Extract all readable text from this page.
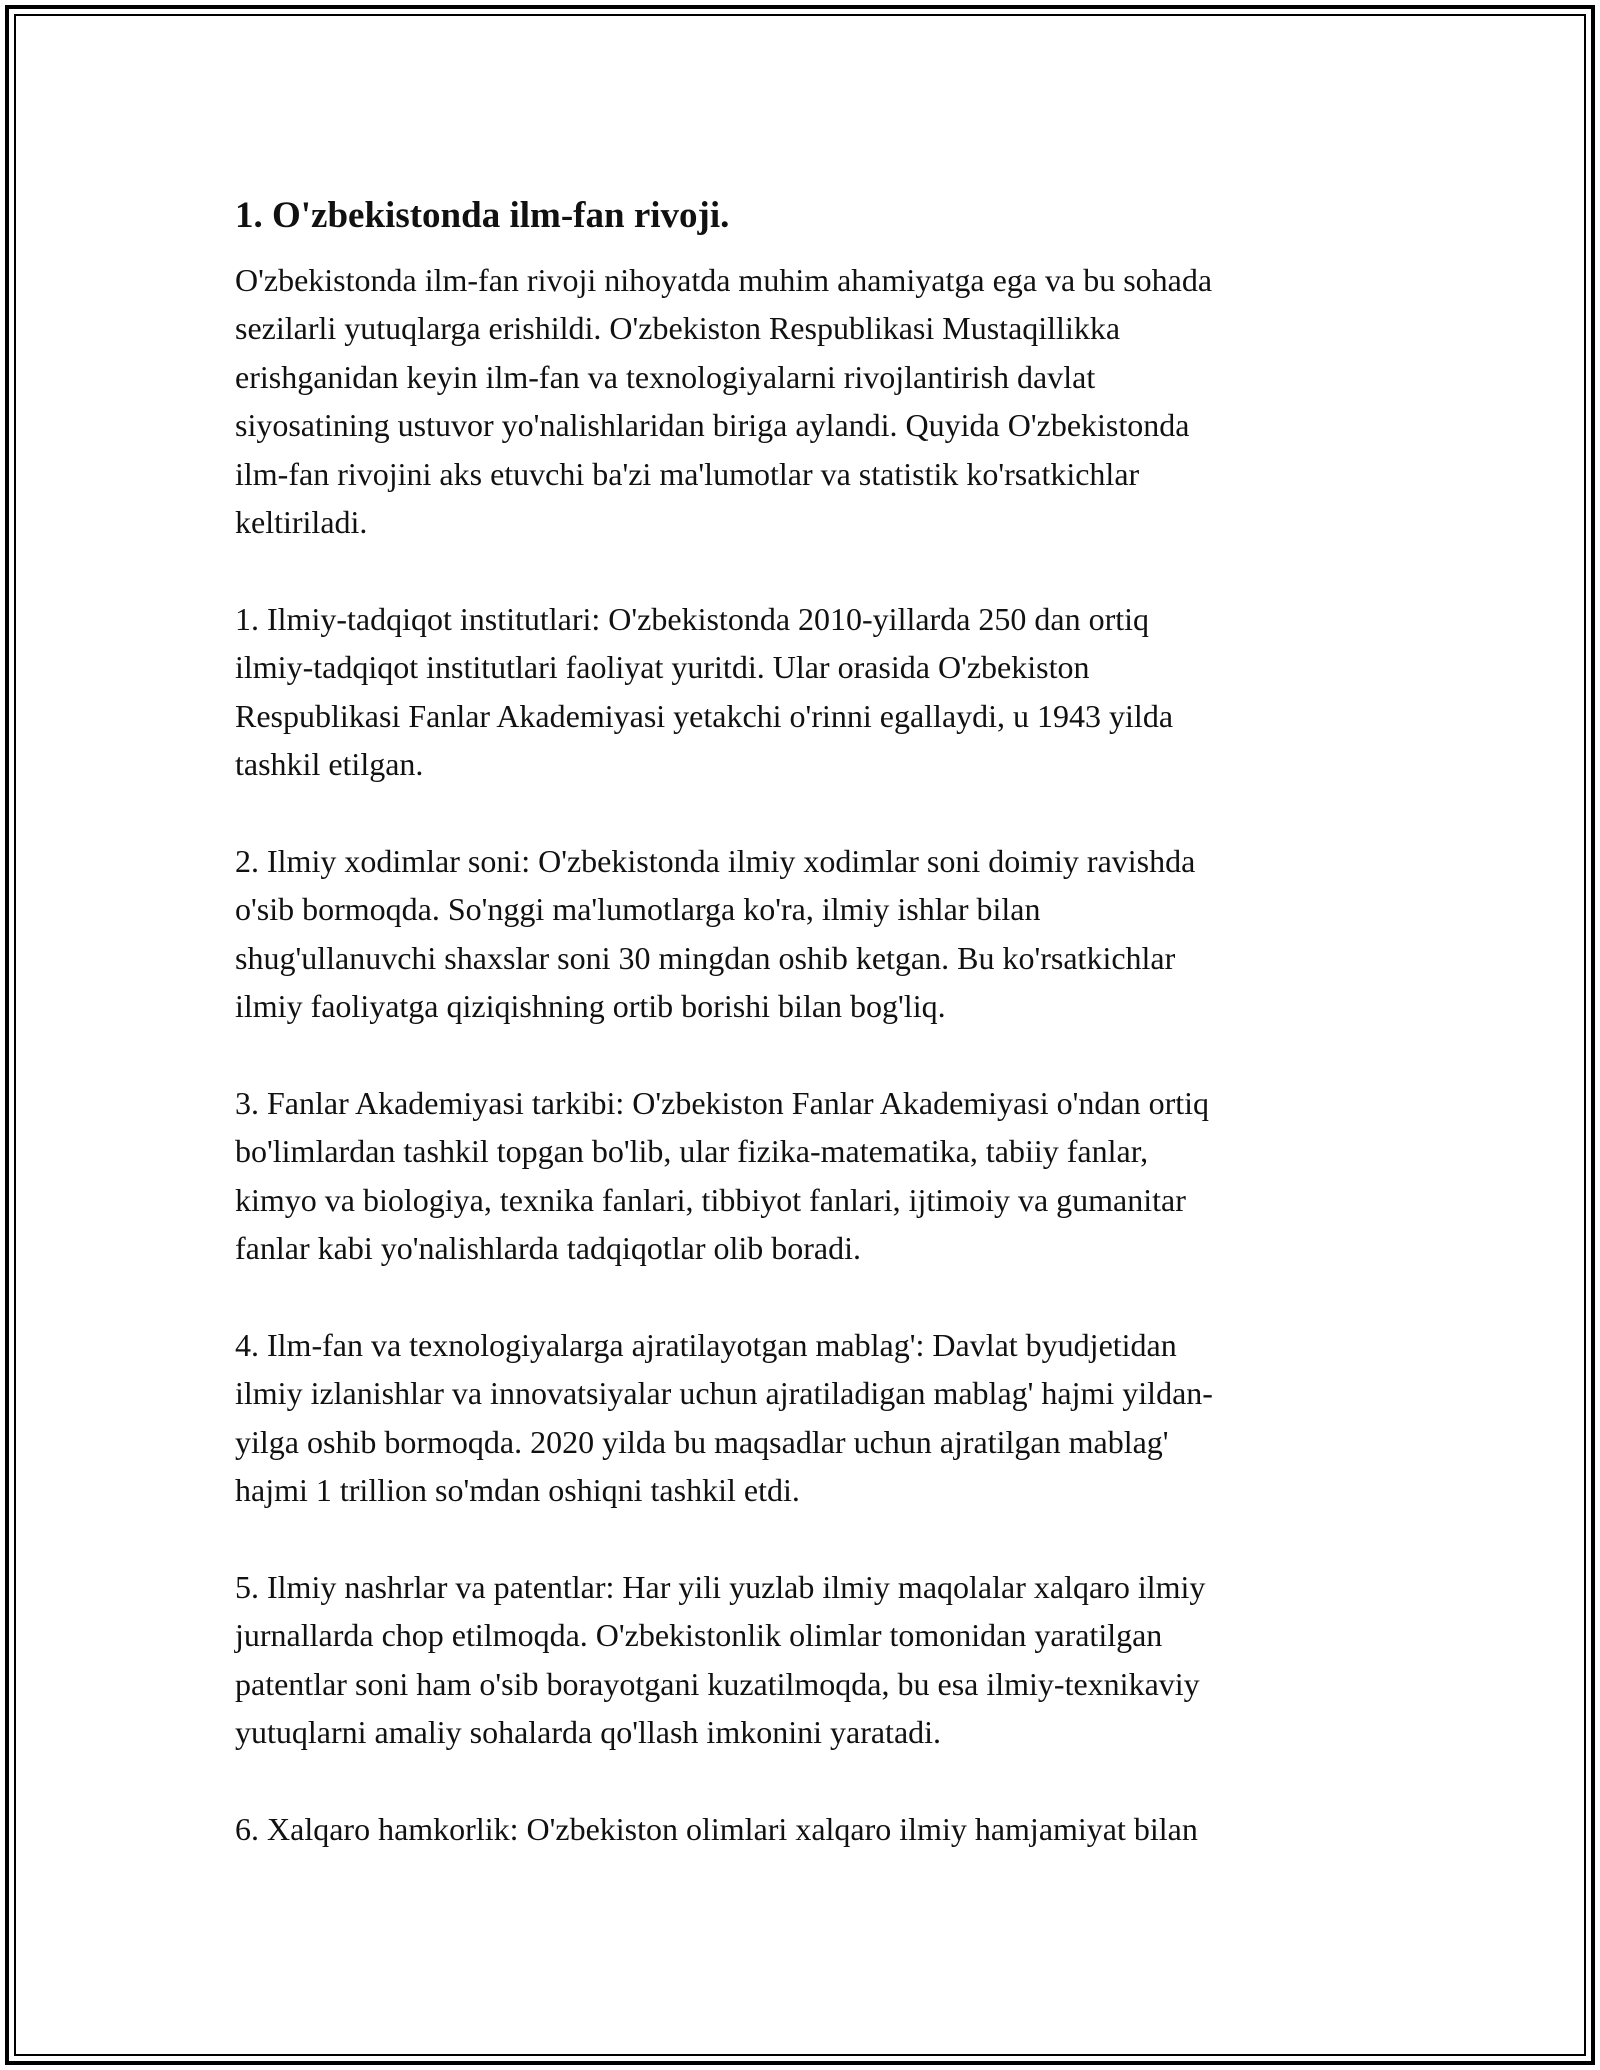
1. O'zbekistonda ilm-fan rivoji.

O'zbekistonda ilm-fan rivoji nihoyatda muhim ahamiyatga ega va bu sohada
sezilarli yutuqlarga erishildi. O'zbekiston Respublikasi Mustaqillikka
erishganidan keyin ilm-fan va texnologiyalarni rivojlantirish davlat
siyosatining ustuvor yo'nalishlaridan biriga aylandi. Quyida O'zbekistonda
ilm-fan rivojini aks etuvchi ba'zi ma'lumotlar va statistik ko'rsatkichlar
keltiriladi.

1. Ilmiy-tadqiqot institutlari: O'zbekistonda 2010-yillarda 250 dan ortiq
ilmiy-tadqiqot institutlari faoliyat yuritdi. Ular orasida O'zbekiston
Respublikasi Fanlar Akademiyasi yetakchi o'rinni egallaydi, u 1943 yilda
tashkil etilgan.

2. Ilmiy xodimlar soni: O'zbekistonda ilmiy xodimlar soni doimiy ravishda
o'sib bormoqda. So'nggi ma'lumotlarga ko'ra, ilmiy ishlar bilan
shug'ullanuvchi shaxslar soni 30 mingdan oshib ketgan. Bu ko'rsatkichlar
ilmiy faoliyatga qiziqishning ortib borishi bilan bog'liq.

3. Fanlar Akademiyasi tarkibi: O'zbekiston Fanlar Akademiyasi o'ndan ortiq
bo'limlardan tashkil topgan bo'lib, ular fizika-matematika, tabiiy fanlar,
kimyo va biologiya, texnika fanlari, tibbiyot fanlari, ijtimoiy va gumanitar
fanlar kabi yo'nalishlarda tadqiqotlar olib boradi.

4. Ilm-fan va texnologiyalarga ajratilayotgan mablag': Davlat byudjetidan
ilmiy izlanishlar va innovatsiyalar uchun ajratiladigan mablag' hajmi yildan-
yilga oshib bormoqda. 2020 yilda bu maqsadlar uchun ajratilgan mablag'
hajmi 1 trillion so'mdan oshiqni tashkil etdi.

5. Ilmiy nashrlar va patentlar: Har yili yuzlab ilmiy maqolalar xalqaro ilmiy
jurnallarda chop etilmoqda. O'zbekistonlik olimlar tomonidan yaratilgan
patentlar soni ham o'sib borayotgani kuzatilmoqda, bu esa ilmiy-texnikaviy
yutuqlarni amaliy sohalarda qo'llash imkonini yaratadi.

6. Xalqaro hamkorlik: O'zbekiston olimlari xalqaro ilmiy hamjamiyat bilan
